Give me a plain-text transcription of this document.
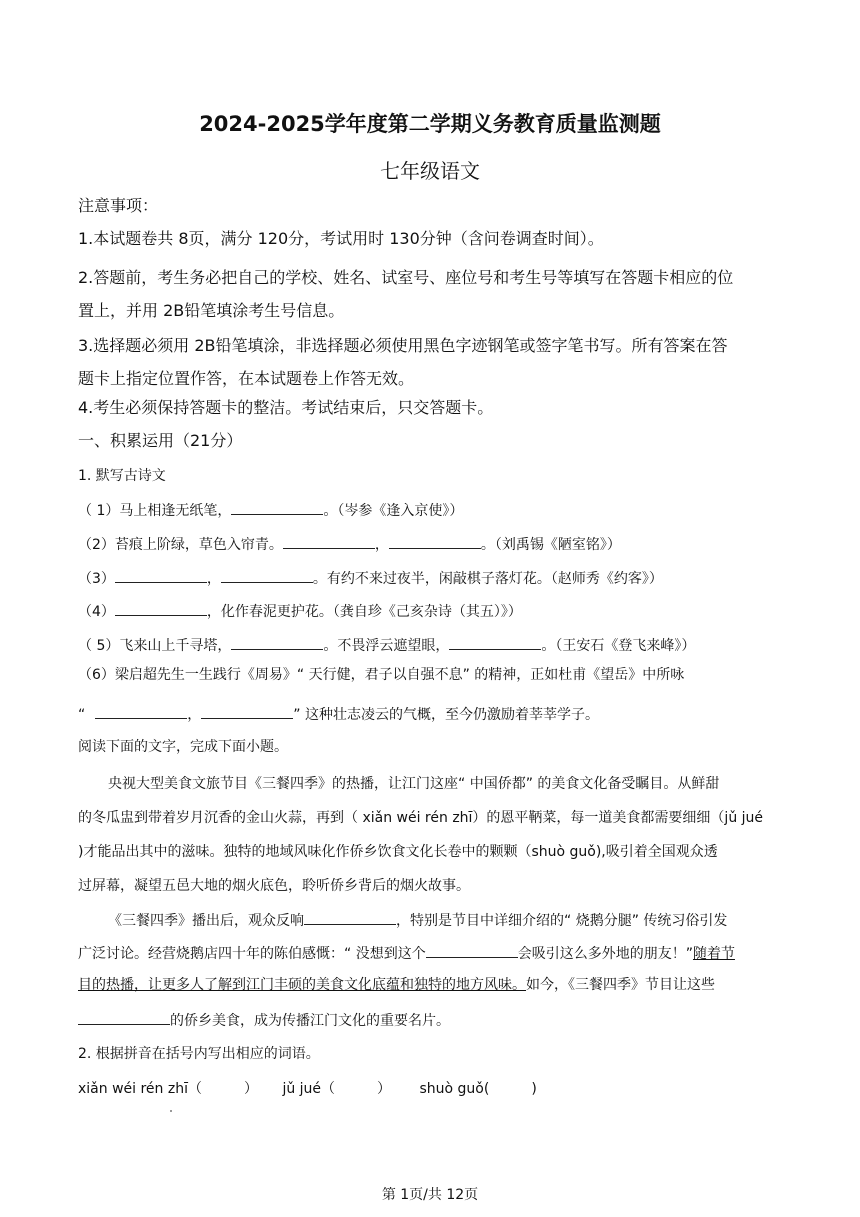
2024-2025学年度第二学期义务教育质量监测题
七年级语文
注意事项：
1.本试题卷共 8页，满分 120分，考试用时 130分钟（含问卷调查时间）。
2.答题前，考生务必把自己的学校、姓名、试室号、座位号和考生号等填写在答题卡相应的位
置上，并用 2B铅笔填涂考生号信息。
3.选择题必须用 2B铅笔填涂，非选择题必须使用黑色字迹钢笔或签字笔书写。所有答案在答
题卡上指定位置作答，在本试题卷上作答无效。
4.考生必须保持答题卡的整洁。考试结束后，只交答题卡。
一、积累运用（21分）
1. 默写古诗文
（ 1）马上相逢无纸笔，	。（岑参《逢入京使》）
（2）苔痕上阶绿，草色入帘青。	，	。（刘禹锡《陋室铭》）
（3）	，	。有约不来过夜半，闲敲棋子落灯花。（赵师秀《约客》）
（4）	，化作春泥更护花。（龚自珍《己亥杂诗（其五）》）
（ 5）飞来山上千寻塔，	。不畏浮云遮望眼，	。（王安石《登飞来峰》）
（6）梁启超先生一生践行《周易》“ 天行健，君子以自强不息” 的精神，正如杜甫《望岳》中所咏
“	，	” 这种壮志凌云的气概，至今仍激励着莘莘学子。
阅读下面的文字，完成下面小题。
央视大型美食文旅节目《三餐四季》的热播，让江门这座“ 中国侨都” 的美食文化备受瞩目。从鲜甜
的冬瓜盅到带着岁月沉香的金山火蒜，再到（ xiǎn wéi rén zhī）的恩平鞆菜，每一道美食都需要细细（jǔ jué
)才能品出其中的滋味。独特的地域风味化作侨乡饮食文化长卷中的颗颗（shuò guǒ),吸引着全国观众透
过屏幕，凝望五邑大地的烟火底色，聆听侨乡背后的烟火故事。
《三餐四季》播出后，观众反响	，特别是节目中详细介绍的“ 烧鹅分腿” 传统习俗引发
广泛讨论。经营烧鹅店四十年的陈伯感慨：“ 没想到这个	会吸引这么多外地的朋友！”随着节
目的热播，让更多人了解到江门丰硕的美食文化底蕴和独特的地方风味。如今，《三餐四季》节目让这些
的侨乡美食，成为传播江门文化的重要名片。
2. 根据拼音在括号内写出相应的词语。
xiǎn wéi rén zhī（	） jǔ jué（	） shuò guǒ(	)
第 1页/共 12页
